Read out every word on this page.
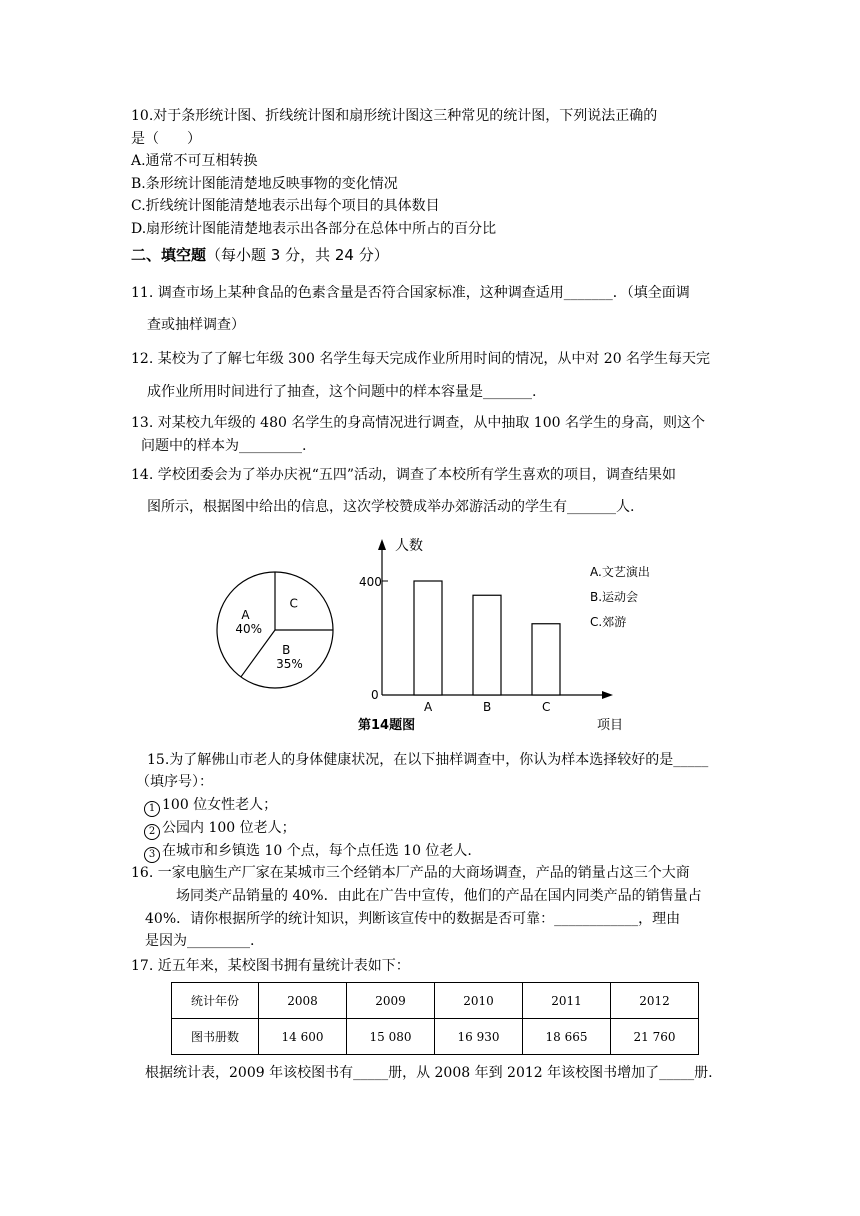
10.对于条形统计图、折线统计图和扇形统计图这三种常见的统计图，下列说法正确的
是（　　）
A.通常不可互相转换
B.条形统计图能清楚地反映事物的变化情况
C.折线统计图能清楚地表示出每个项目的具体数目
D.扇形统计图能清楚地表示出各部分在总体中所占的百分比
二、填空题（每小题 3 分，共 24 分）
11. 调查市场上某种食品的色素含量是否符合国家标准，这种调查适用_______．（填全面调
查或抽样调查）
12. 某校为了了解七年级 300 名学生每天完成作业所用时间的情况，从中对 20 名学生每天完
成作业所用时间进行了抽查，这个问题中的样本容量是_______.
13. 对某校九年级的 480 名学生的身高情况进行调查，从中抽取 100 名学生的身高，则这个
问题中的样本为_________.
14. 学校团委会为了举办庆祝“五四”活动，调查了本校所有学生喜欢的项目，调查结果如
图所示，根据图中给出的信息，这次学校赞成举办郊游活动的学生有_______人.
A
40%
B
35%
C
人数
项目
400
0
A	B	C
A.文艺演出
B.运动会
C.郊游
第14题图
15.为了解佛山市老人的身体健康状况，在以下抽样调查中，你认为样本选择较好的是_____
（填序号）：
1 100 位女性老人；
2 公园内 100 位老人；
3 在城市和乡镇选 10 个点，每个点任选 10 位老人.
16. 一家电脑生产厂家在某城市三个经销本厂产品的大商场调查，产品的销量占这三个大商
场同类产品销量的 40%．由此在广告中宣传，他们的产品在国内同类产品的销售量占
40%．请你根据所学的统计知识，判断该宣传中的数据是否可靠：____________，理由
是因为_________.
17. 近五年来，某校图书拥有量统计表如下：
统计年份	2008	2009	2010	2011	2012
图书册数	14 600	15 080	16 930	18 665	21 760
根据统计表，2009 年该校图书有_____册，从 2008 年到 2012 年该校图书增加了_____册.
